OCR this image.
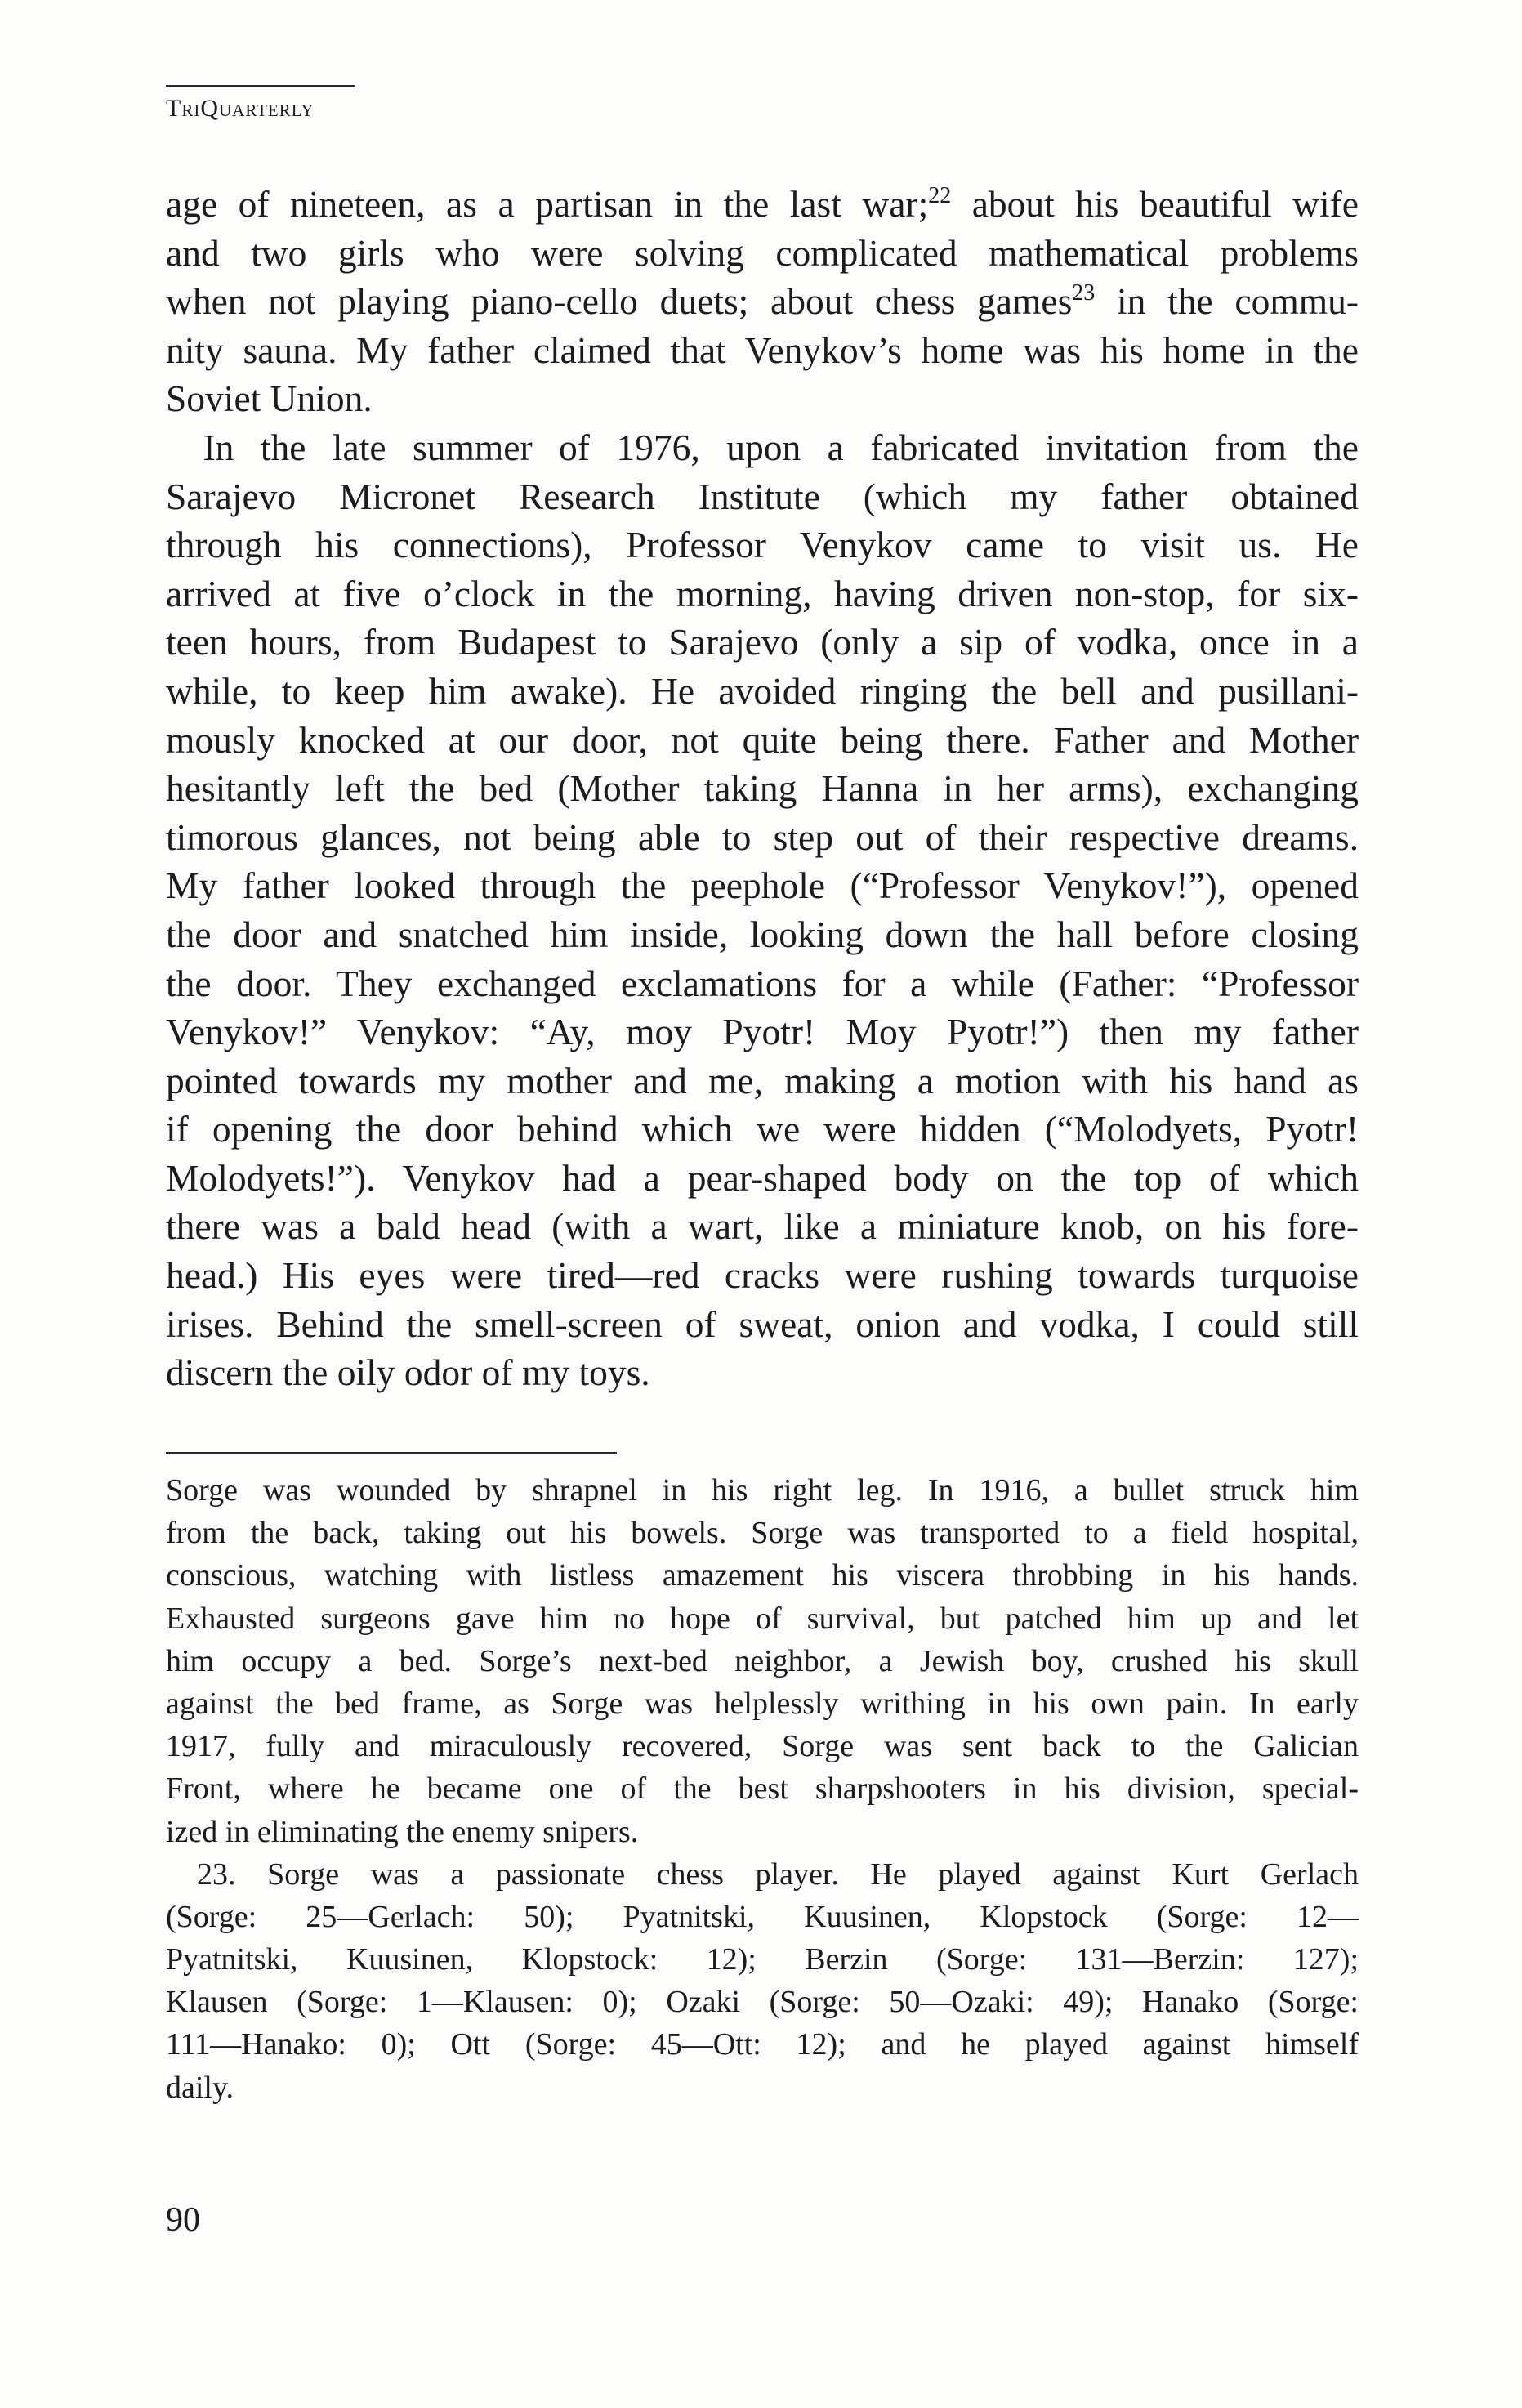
TriQuarterly
age of nineteen, as a partisan in the last war;$^{22}$ about his beautiful wife
and two girls who were solving complicated mathematical problems
when not playing piano-cello duets; about chess games$^{23}$ in the commu-
nity sauna. My father claimed that Venykov’s home was his home in the
Soviet Union.
 In the late summer of 1976, upon a fabricated invitation from the
Sarajevo Micronet Research Institute (which my father obtained
through his connections), Professor Venykov came to visit us. He
arrived at five o’clock in the morning, having driven non-stop, for six-
teen hours, from Budapest to Sarajevo (only a sip of vodka, once in a
while, to keep him awake). He avoided ringing the bell and pusillani-
mously knocked at our door, not quite being there. Father and Mother
hesitantly left the bed (Mother taking Hanna in her arms), exchanging
timorous glances, not being able to step out of their respective dreams.
My father looked through the peephole (“Professor Venykov!”), opened
the door and snatched him inside, looking down the hall before closing
the door. They exchanged exclamations for a while (Father: “Professor
Venykov!” Venykov: “Ay, moy Pyotr! Moy Pyotr!”) then my father
pointed towards my mother and me, making a motion with his hand as
if opening the door behind which we were hidden (“Molodyets, Pyotr!
Molodyets!”). Venykov had a pear-shaped body on the top of which
there was a bald head (with a wart, like a miniature knob, on his fore-
head.) His eyes were tired—red cracks were rushing towards turquoise
irises. Behind the smell-screen of sweat, onion and vodka, I could still
discern the oily odor of my toys.
Sorge was wounded by shrapnel in his right leg. In 1916, a bullet struck him
from the back, taking out his bowels. Sorge was transported to a field hospital,
conscious, watching with listless amazement his viscera throbbing in his hands.
Exhausted surgeons gave him no hope of survival, but patched him up and let
him occupy a bed. Sorge’s next-bed neighbor, a Jewish boy, crushed his skull
against the bed frame, as Sorge was helplessly writhing in his own pain. In early
1917, fully and miraculously recovered, Sorge was sent back to the Galician
Front, where he became one of the best sharpshooters in his division, special-
ized in eliminating the enemy snipers.
  23. Sorge was a passionate chess player. He played against Kurt Gerlach
(Sorge: 25—Gerlach: 50); Pyatnitski, Kuusinen, Klopstock (Sorge: 12—
Pyatnitski, Kuusinen, Klopstock: 12); Berzin (Sorge: 131—Berzin: 127);
Klausen (Sorge: 1—Klausen: 0); Ozaki (Sorge: 50—Ozaki: 49); Hanako (Sorge:
111—Hanako: 0); Ott (Sorge: 45—Ott: 12); and he played against himself
daily.
90
